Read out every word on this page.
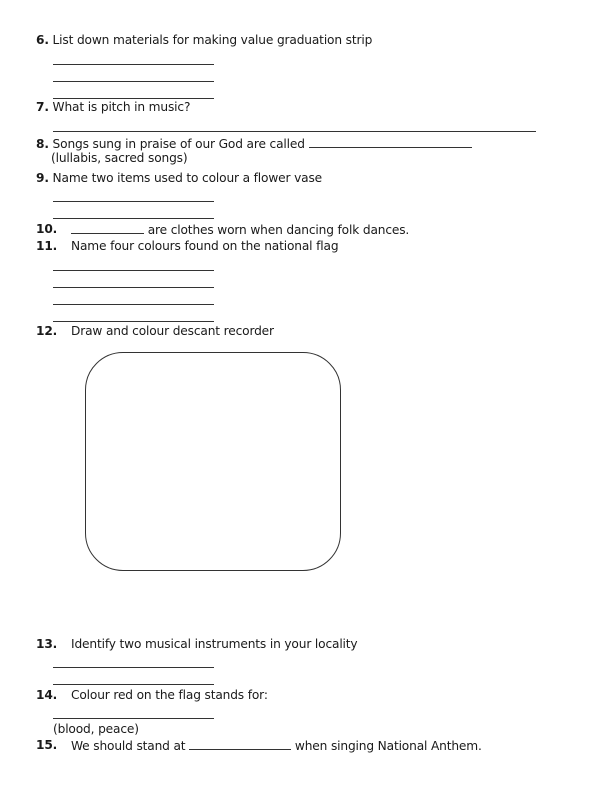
6. List down materials for making value graduation strip
7. What is pitch in music?
8. Songs sung in praise of our God are called
(lullabis, sacred songs)
9. Name two items used to colour a flower vase
10.	are clothes worn when dancing folk dances.
11. Name four colours found on the national flag
12. Draw and colour descant recorder
13. Identify two musical instruments in your locality
14. Colour red on the flag stands for:
(blood, peace)
15. We should stand at	when singing National Anthem.
